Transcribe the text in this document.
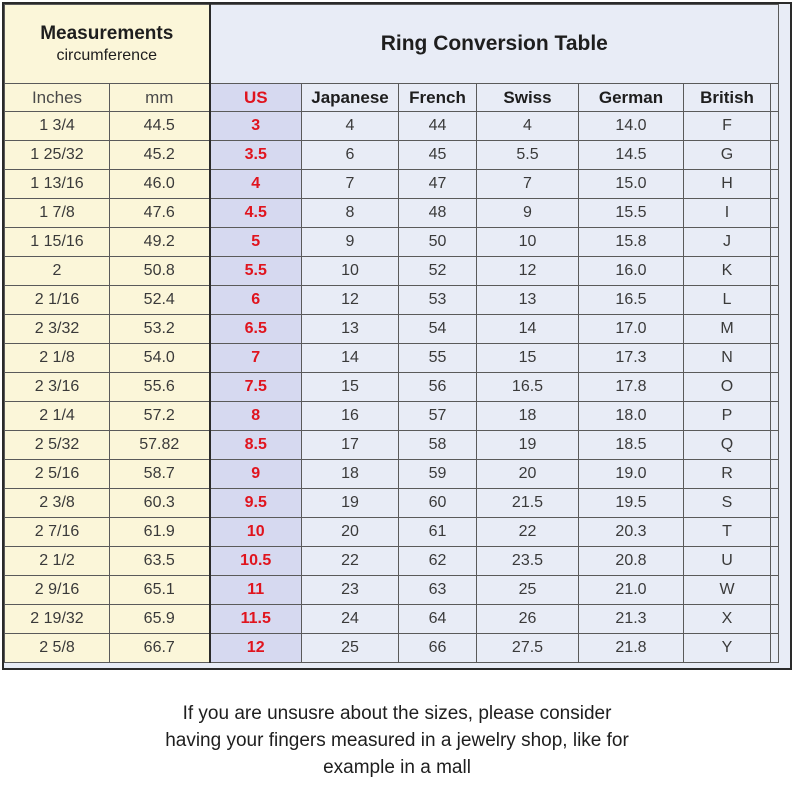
Measurements
circumference		Ring Conversion Table						
Inches	mm	US	Japanese	French	Swiss	German	British	
1 3/4	44.5	3	4	44	4	14.0	F	
1 25/32	45.2	3.5	6	45	5.5	14.5	G	
1 13/16	46.0	4	7	47	7	15.0	H	
1 7/8	47.6	4.5	8	48	9	15.5	I	
1 15/16	49.2	5	9	50	10	15.8	J	
2	50.8	5.5	10	52	12	16.0	K	
2 1/16	52.4	6	12	53	13	16.5	L	
2 3/32	53.2	6.5	13	54	14	17.0	M	
2 1/8	54.0	7	14	55	15	17.3	N	
2 3/16	55.6	7.5	15	56	16.5	17.8	O	
2 1/4	57.2	8	16	57	18	18.0	P	
2 5/32	57.82	8.5	17	58	19	18.5	Q	
2 5/16	58.7	9	18	59	20	19.0	R	
2 3/8	60.3	9.5	19	60	21.5	19.5	S	
2 7/16	61.9	10	20	61	22	20.3	T	
2 1/2	63.5	10.5	22	62	23.5	20.8	U	
2 9/16	65.1	11	23	63	25	21.0	W	
2 19/32	65.9	11.5	24	64	26	21.3	X	
2 5/8	66.7	12	25	66	27.5	21.8	Y	
If you are unsusre about the sizes, please consider
having your fingers measured in a jewelry shop, like for
example in a mall
